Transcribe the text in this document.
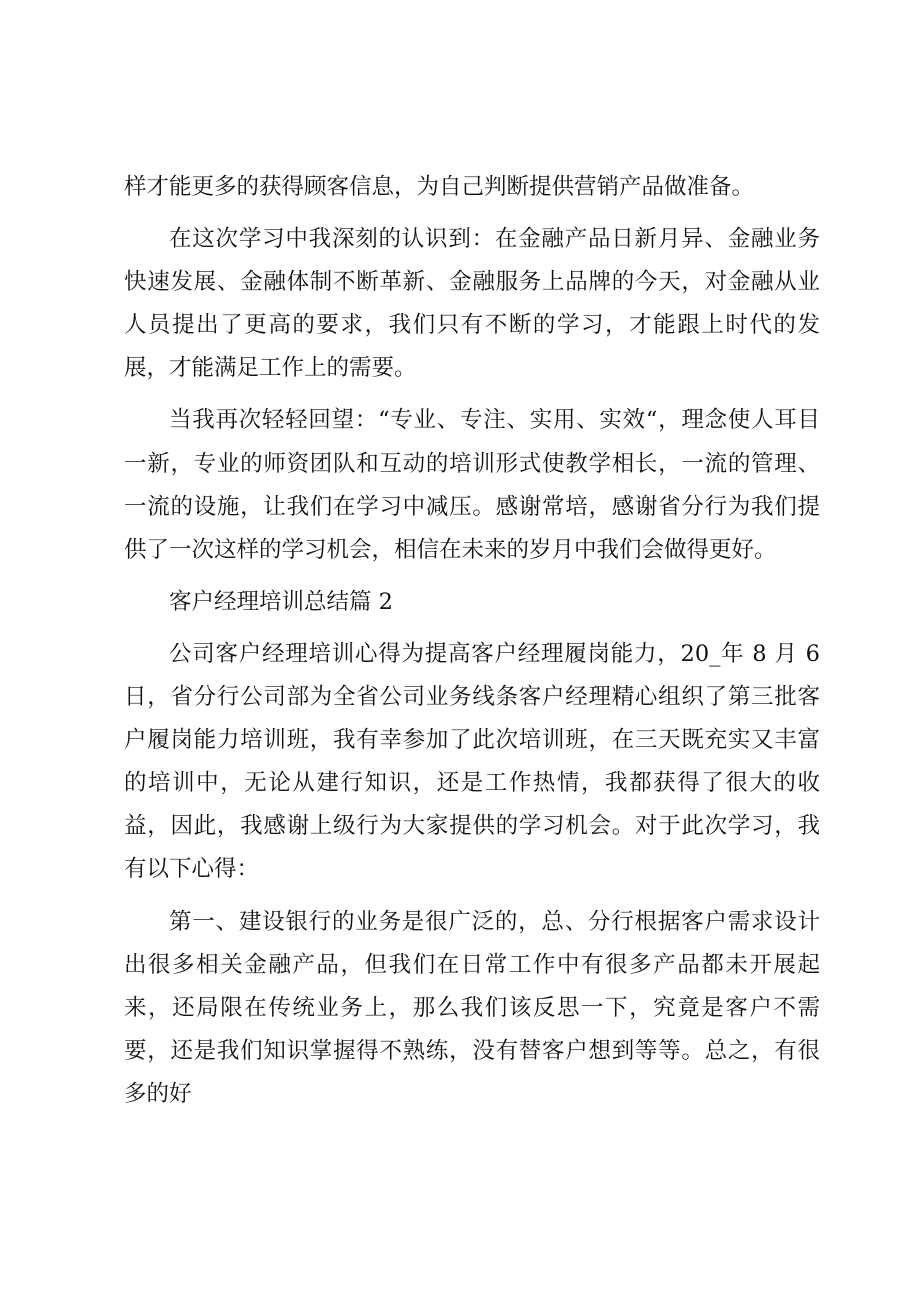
样才能更多的获得顾客信息，为自己判断提供营销产品做准备。

在这次学习中我深刻的认识到：在金融产品日新月异、金融业务快速发展、金融体制不断革新、金融服务上品牌的今天，对金融从业人员提出了更高的要求，我们只有不断的学习，才能跟上时代的发展，才能满足工作上的需要。

当我再次轻轻回望：“专业、专注、实用、实效“，理念使人耳目一新，专业的师资团队和互动的培训形式使教学相长，一流的管理、一流的设施，让我们在学习中减压。感谢常培，感谢省分行为我们提供了一次这样的学习机会，相信在未来的岁月中我们会做得更好。

客户经理培训总结篇 2

公司客户经理培训心得为提高客户经理履岗能力，20_年 8 月 6 日，省分行公司部为全省公司业务线条客户经理精心组织了第三批客户履岗能力培训班，我有幸参加了此次培训班，在三天既充实又丰富的培训中，无论从建行知识，还是工作热情，我都获得了很大的收益，因此，我感谢上级行为大家提供的学习机会。对于此次学习，我有以下心得：

第一、建设银行的业务是很广泛的，总、分行根据客户需求设计出很多相关金融产品，但我们在日常工作中有很多产品都未开展起来，还局限在传统业务上，那么我们该反思一下，究竟是客户不需要，还是我们知识掌握得不熟练，没有替客户想到等等。总之，有很多的好
